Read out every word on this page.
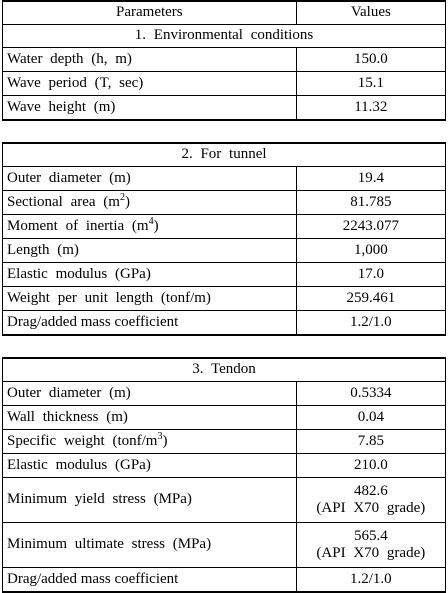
Parameters	Values
1. Environmental conditions	
Water depth (h, m)	150.0
Wave period (T, sec)	15.1
Wave height (m)	11.32

2. For tunnel	
Outer diameter (m)	19.4
Sectional area $(m^2)$	81.785
Moment of inertia $(m^4)$	2243.077
Length (m)	1,000
Elastic modulus (GPa)	17.0
Weight per unit length (tonf/m)	259.461
Drag/added mass coefficient	1.2/1.0

3. Tendon	
Outer diameter (m)	0.5334
Wall thickness (m)	0.04
Specific weight $(tonf/m^3)$	7.85
Elastic modulus (GPa)	210.0
Minimum yield stress (MPa)	482.6
(API X70 grade)

Minimum ultimate stress (MPa)	565.4
(API X70 grade)

Drag/added mass coefficient	1.2/1.0
